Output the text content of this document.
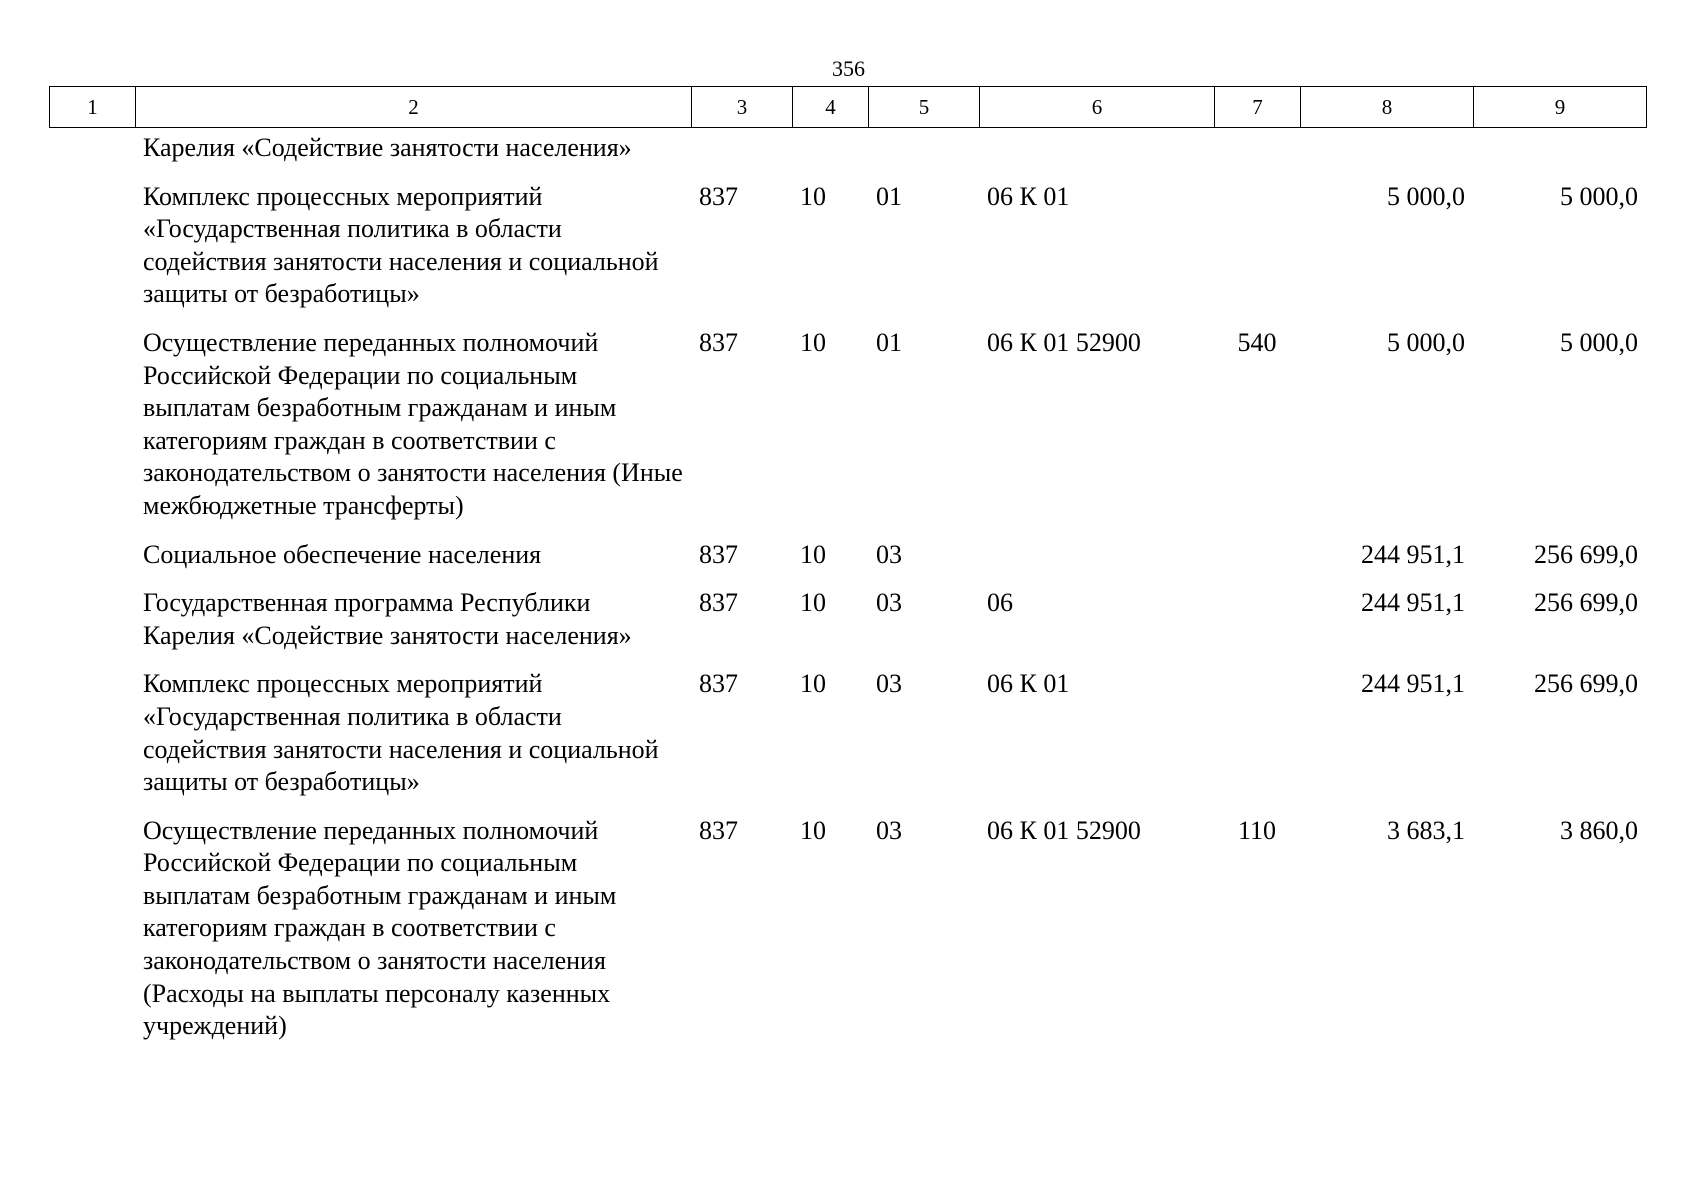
356
1	2	3	4	5	6	7	8	9
	Карелия «Содействие занятости населения»							
	Комплекс процессных мероприятий «Государственная политика в области содействия занятости населения и социальной защиты от безработицы»	837	10	01	06 К 01		5 000,0	5 000,0
	Осуществление переданных полномочий Российской Федерации по социальным выплатам безработным гражданам и иным категориям граждан в соответствии с законодательством о занятости населения (Иные межбюджетные трансферты)	837	10	01	06 К 01 52900	540	5 000,0	5 000,0
	Социальное обеспечение населения	837	10	03			244 951,1	256 699,0
	Государственная программа Республики Карелия «Содействие занятости населения»	837	10	03	06		244 951,1	256 699,0
	Комплекс процессных мероприятий «Государственная политика в области содействия занятости населения и социальной защиты от безработицы»	837	10	03	06 К 01		244 951,1	256 699,0
	Осуществление переданных полномочий Российской Федерации по социальным выплатам безработным гражданам и иным категориям граждан в соответствии с законодательством о занятости населения (Расходы на выплаты персоналу казенных учреждений)	837	10	03	06 К 01 52900	110	3 683,1	3 860,0
